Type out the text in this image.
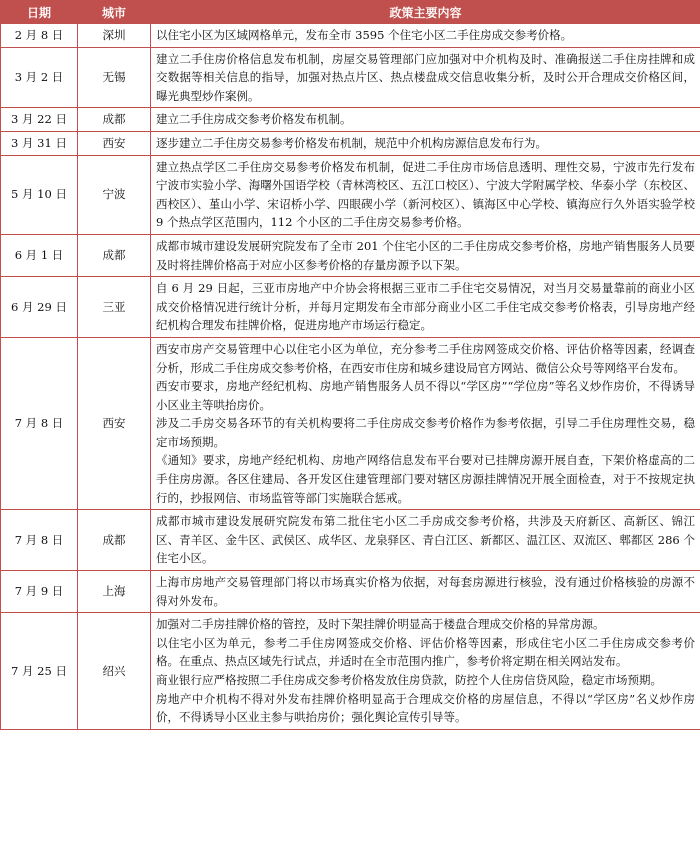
日期	城市	政策主要内容
2 月 8 日	深圳	以住宅小区为区域网格单元，发布全市 3595 个住宅小区二手住房成交参考价格。

3 月 2 日	无锡	建立二手住房价格信息发布机制，房屋交易管理部门应加强对中介机构及时、准确报送二手住房挂牌和成交数据等相关信息的指导，加强对热点片区、热点楼盘成交信息收集分析，及时公开合理成交价格区间，曝光典型炒作案例。

3 月 22 日	成都	建立二手住房成交参考价格发布机制。

3 月 31 日	西安	逐步建立二手住房交易参考价格发布机制，规范中介机构房源信息发布行为。

5 月 10 日	宁波	建立热点学区二手住房交易参考价格发布机制，促进二手住房市场信息透明、理性交易，宁波市先行发布宁波市实验小学、海曙外国语学校（青林湾校区、五江口校区）、宁波大学附属学校、华泰小学（东校区、西校区）、堇山小学、宋诏桥小学、四眼碶小学（新河校区）、镇海区中心学校、镇海应行久外语实验学校 9 个热点学区范围内，112 个小区的二手住房交易参考价格。

6 月 1 日	成都	成都市城市建设发展研究院发布了全市 201 个住宅小区的二手住房成交参考价格，房地产销售服务人员要及时将挂牌价格高于对应小区参考价格的存量房源予以下架。

6 月 29 日	三亚	自 6 月 29 日起，三亚市房地产中介协会将根据三亚市二手住宅交易情况，对当月交易量靠前的商业小区成交价格情况进行统计分析，并每月定期发布全市部分商业小区二手住宅成交参考价格表，引导房地产经纪机构合理发布挂牌价格，促进房地产市场运行稳定。

7 月 8 日	西安	西安市房产交易管理中心以住宅小区为单位，充分参考二手住房网签成交价格、评估价格等因素，经调查分析，形成二手住房成交参考价格，在西安市住房和城乡建设局官方网站、微信公众号等网络平台发布。

西安市要求，房地产经纪机构、房地产销售服务人员不得以“学区房”“学位房”等名义炒作房价，不得诱导小区业主等哄抬房价。

涉及二手房交易各环节的有关机构要将二手住房成交参考价格作为参考依据，引导二手住房理性交易，稳定市场预期。

《通知》要求，房地产经纪机构、房地产网络信息发布平台要对已挂牌房源开展自查，下架价格虚高的二手住房房源。各区住建局、各开发区住建管理部门要对辖区房源挂牌情况开展全面检查，对于不按规定执行的，抄报网信、市场监管等部门实施联合惩戒。

7 月 8 日	成都	成都市城市建设发展研究院发布第二批住宅小区二手房成交参考价格，共涉及天府新区、高新区、锦江区、青羊区、金牛区、武侯区、成华区、龙泉驿区、青白江区、新都区、温江区、双流区、郫都区 286 个住宅小区。

7 月 9 日	上海	上海市房地产交易管理部门将以市场真实价格为依据，对每套房源进行核验，没有通过价格核验的房源不得对外发布。

7 月 25 日	绍兴	加强对二手房挂牌价格的管控，及时下架挂牌价明显高于楼盘合理成交价格的异常房源。

以住宅小区为单元，参考二手住房网签成交价格、评估价格等因素，形成住宅小区二手住房成交参考价格。在重点、热点区域先行试点，并适时在全市范围内推广，参考价将定期在相关网站发布。

商业银行应严格按照二手住房成交参考价格发放住房贷款，防控个人住房信贷风险，稳定市场预期。

房地产中介机构不得对外发布挂牌价格明显高于合理成交价格的房屋信息，不得以“学区房”名义炒作房价，不得诱导小区业主参与哄抬房价；强化舆论宣传引导等。
